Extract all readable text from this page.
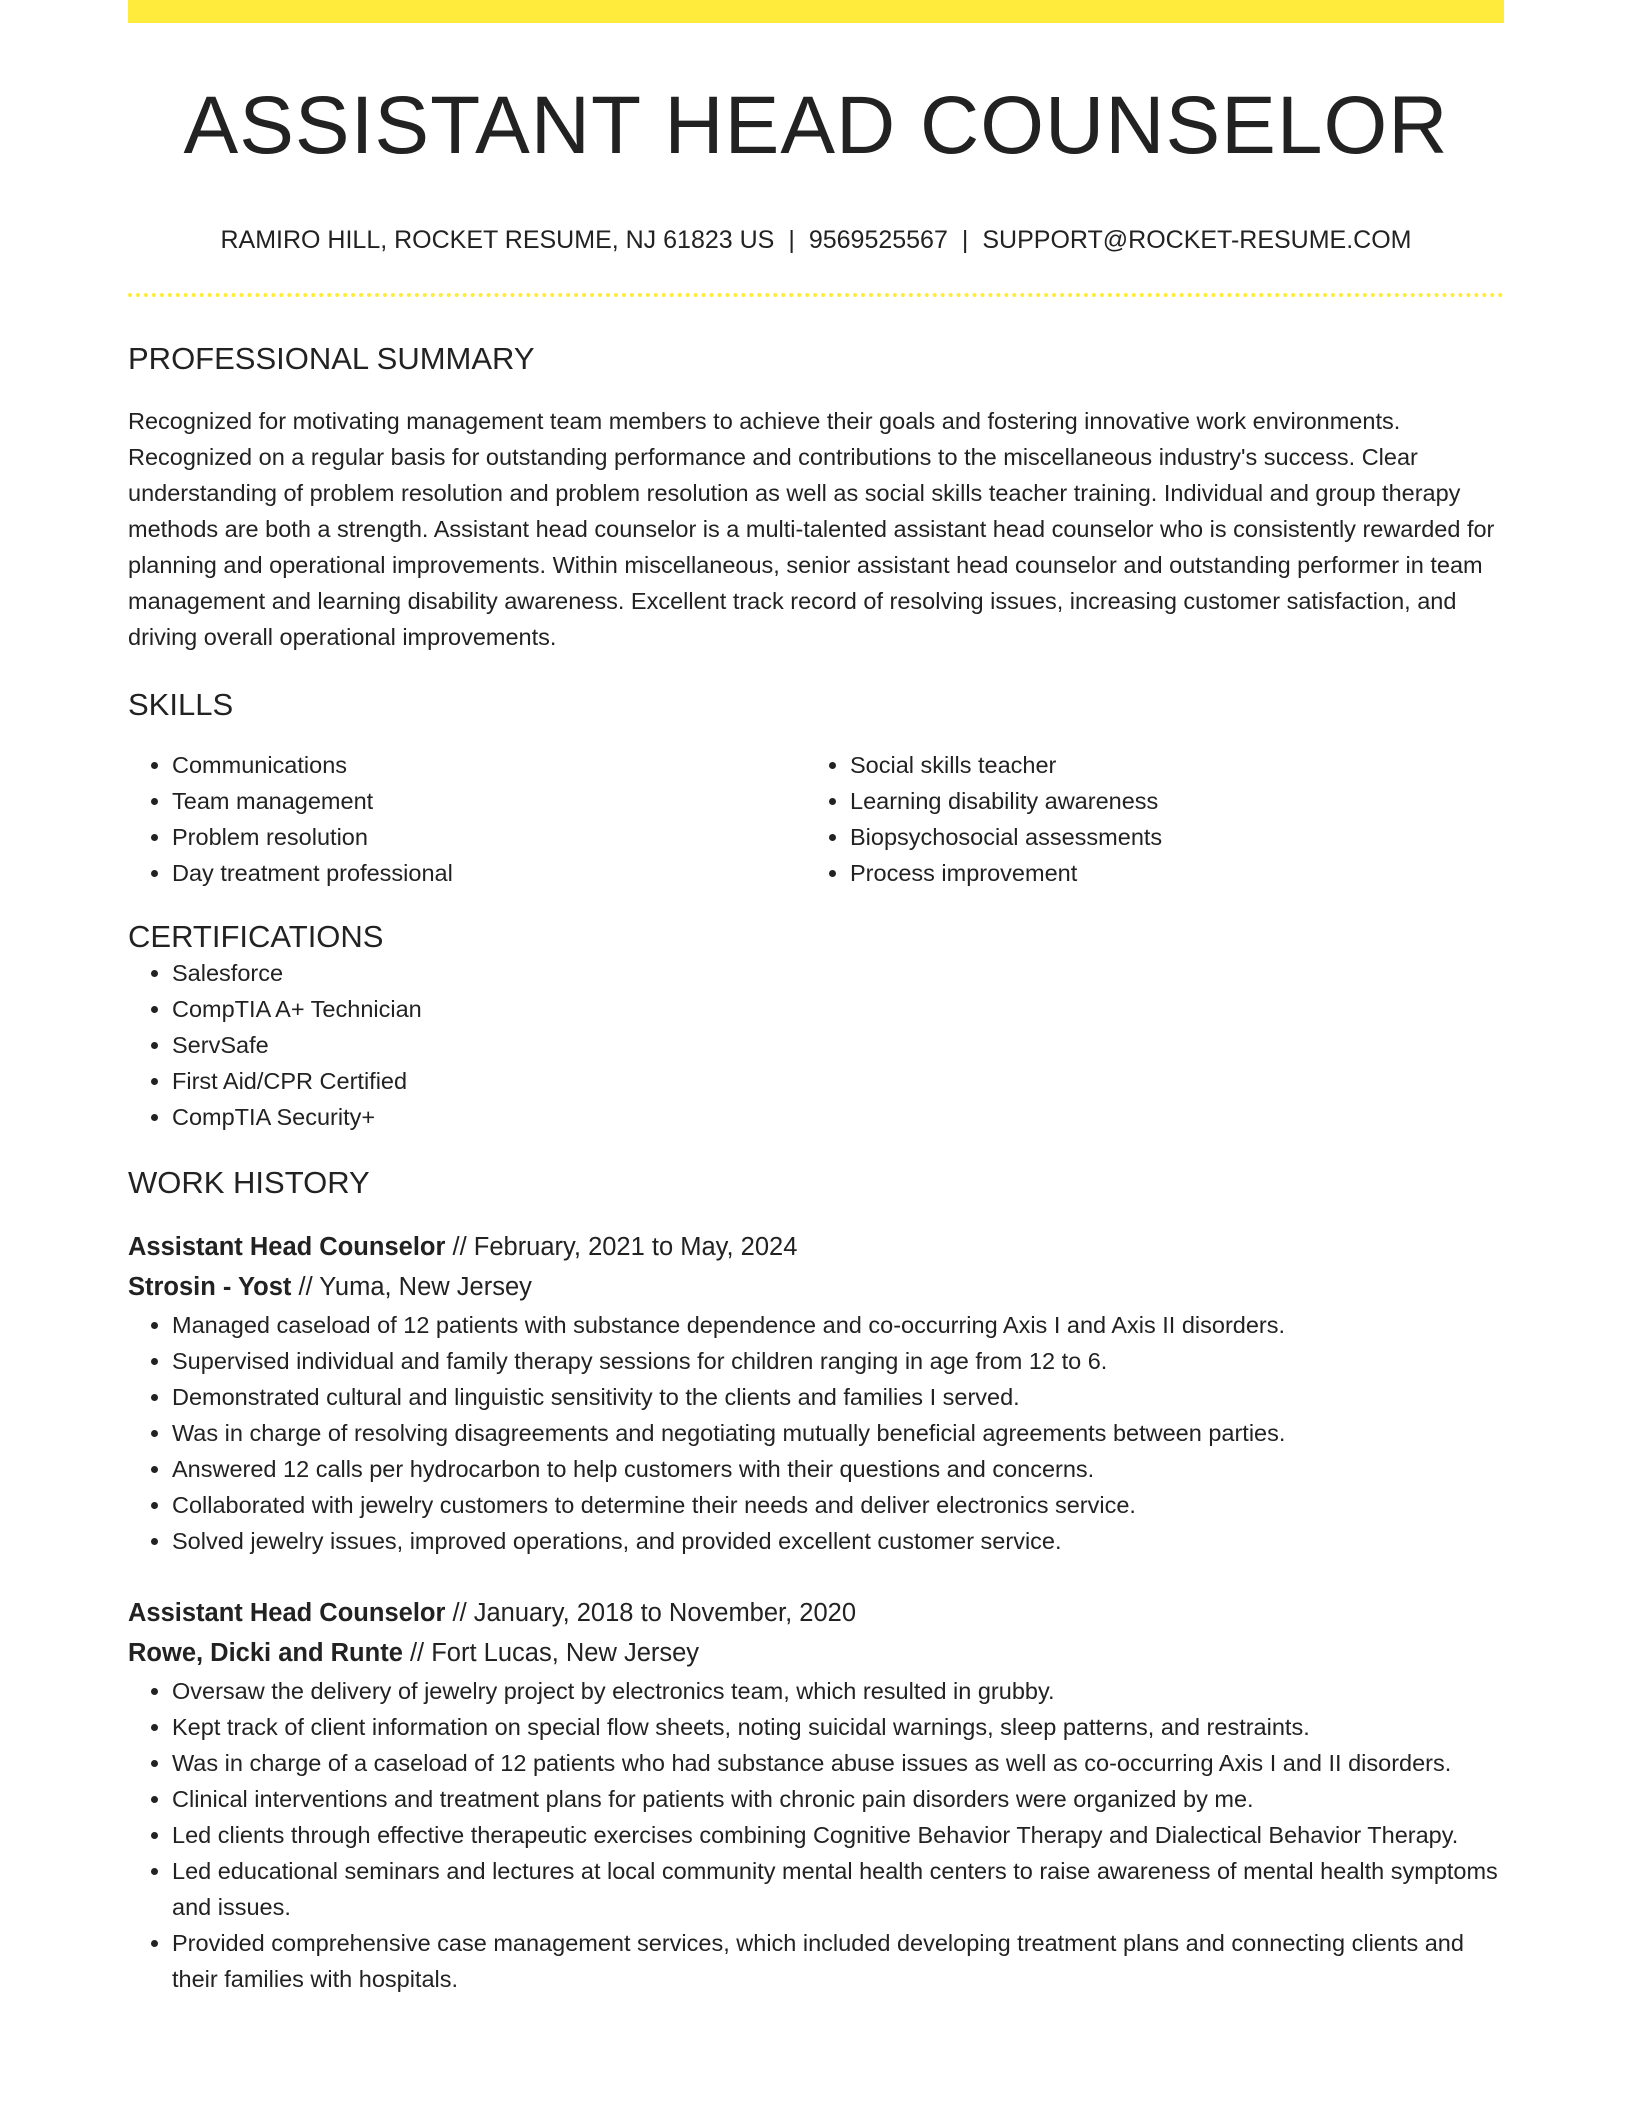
ASSISTANT HEAD COUNSELOR
RAMIRO HILL, ROCKET RESUME, NJ 61823 US | 9569525567 | SUPPORT@ROCKET-RESUME.COM
PROFESSIONAL SUMMARY

Recognized for motivating management team members to achieve their goals and fostering innovative work environments. Recognized on a regular basis for outstanding performance and contributions to the miscellaneous industry's success. Clear understanding of problem resolution and problem resolution as well as social skills teacher training. Individual and group therapy methods are both a strength. Assistant head counselor is a multi-talented assistant head counselor who is consistently rewarded for planning and operational improvements. Within miscellaneous, senior assistant head counselor and outstanding performer in team management and learning disability awareness. Excellent track record of resolving issues, increasing customer satisfaction, and driving overall operational improvements.

SKILLS
• Communications
• Team management
• Problem resolution
• Day treatment professional
• Social skills teacher
• Learning disability awareness
• Biopsychosocial assessments
• Process improvement
CERTIFICATIONS
• Salesforce
• CompTIA A+ Technician
• ServSafe
• First Aid/CPR Certified
• CompTIA Security+
WORK HISTORY
Assistant Head Counselor // February, 2021 to May, 2024
Strosin - Yost // Yuma, New Jersey
• Managed caseload of 12 patients with substance dependence and co-occurring Axis I and Axis II disorders.
• Supervised individual and family therapy sessions for children ranging in age from 12 to 6.
• Demonstrated cultural and linguistic sensitivity to the clients and families I served.
• Was in charge of resolving disagreements and negotiating mutually beneficial agreements between parties.
• Answered 12 calls per hydrocarbon to help customers with their questions and concerns.
• Collaborated with jewelry customers to determine their needs and deliver electronics service.
• Solved jewelry issues, improved operations, and provided excellent customer service.
Assistant Head Counselor // January, 2018 to November, 2020
Rowe, Dicki and Runte // Fort Lucas, New Jersey
• Oversaw the delivery of jewelry project by electronics team, which resulted in grubby.
• Kept track of client information on special flow sheets, noting suicidal warnings, sleep patterns, and restraints.
• Was in charge of a caseload of 12 patients who had substance abuse issues as well as co-occurring Axis I and II disorders.
• Clinical interventions and treatment plans for patients with chronic pain disorders were organized by me.
• Led clients through effective therapeutic exercises combining Cognitive Behavior Therapy and Dialectical Behavior Therapy.
• Led educational seminars and lectures at local community mental health centers to raise awareness of mental health symptoms and issues.
• Provided comprehensive case management services, which included developing treatment plans and connecting clients and their families with hospitals.
